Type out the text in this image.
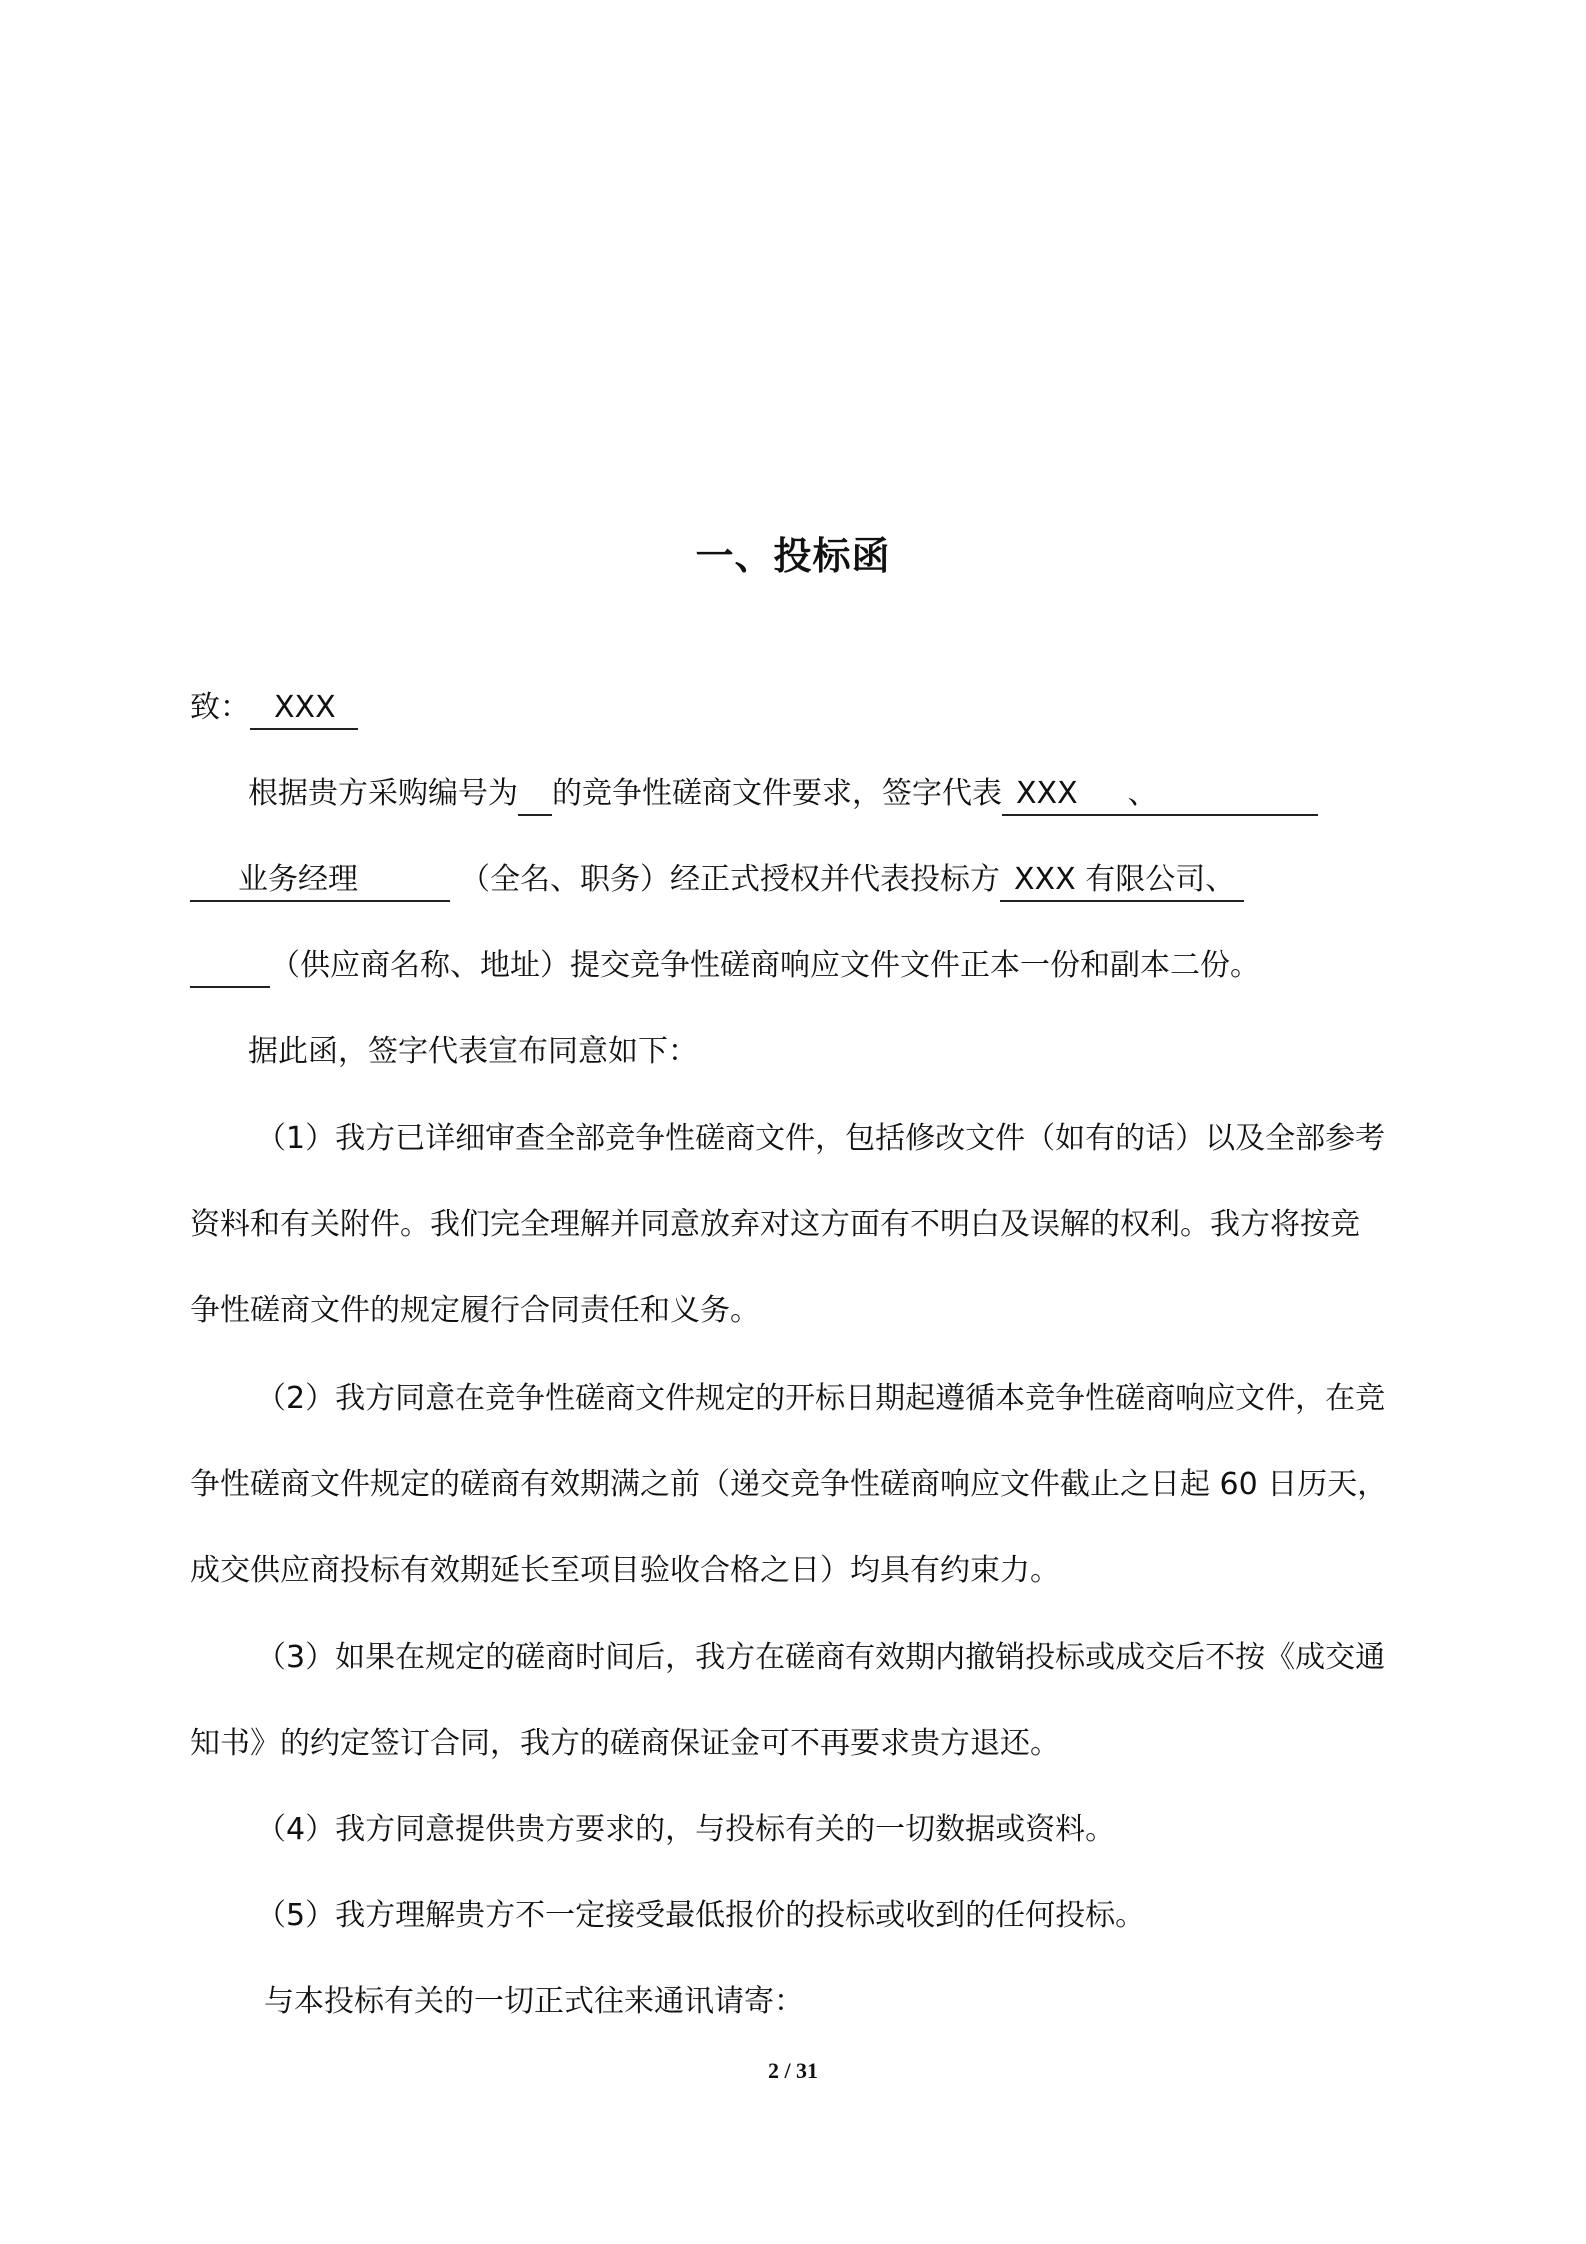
一、投标函
致： XXX
根据贵方采购编号为 的竞争性磋商文件要求，签字代表 XXX 、
业务经理	（全名、职务）经正式授权并代表投标方 XXX 有限公司、
（供应商名称、地址）提交竞争性磋商响应文件文件正本一份和副本二份。
据此函，签字代表宣布同意如下：
（1）我方已详细审查全部竞争性磋商文件，包括修改文件（如有的话）以及全部参考
资料和有关附件。我们完全理解并同意放弃对这方面有不明白及误解的权利。我方将按竞
争性磋商文件的规定履行合同责任和义务。
（2）我方同意在竞争性磋商文件规定的开标日期起遵循本竞争性磋商响应文件，在竞
争性磋商文件规定的磋商有效期满之前（递交竞争性磋商响应文件截止之日起 60 日历天，
成交供应商投标有效期延长至项目验收合格之日）均具有约束力。
（3）如果在规定的磋商时间后，我方在磋商有效期内撤销投标或成交后不按《成交通
知书》的约定签订合同，我方的磋商保证金可不再要求贵方退还。
（4）我方同意提供贵方要求的，与投标有关的一切数据或资料。
（5）我方理解贵方不一定接受最低报价的投标或收到的任何投标。
与本投标有关的一切正式往来通讯请寄：
2 / 31
